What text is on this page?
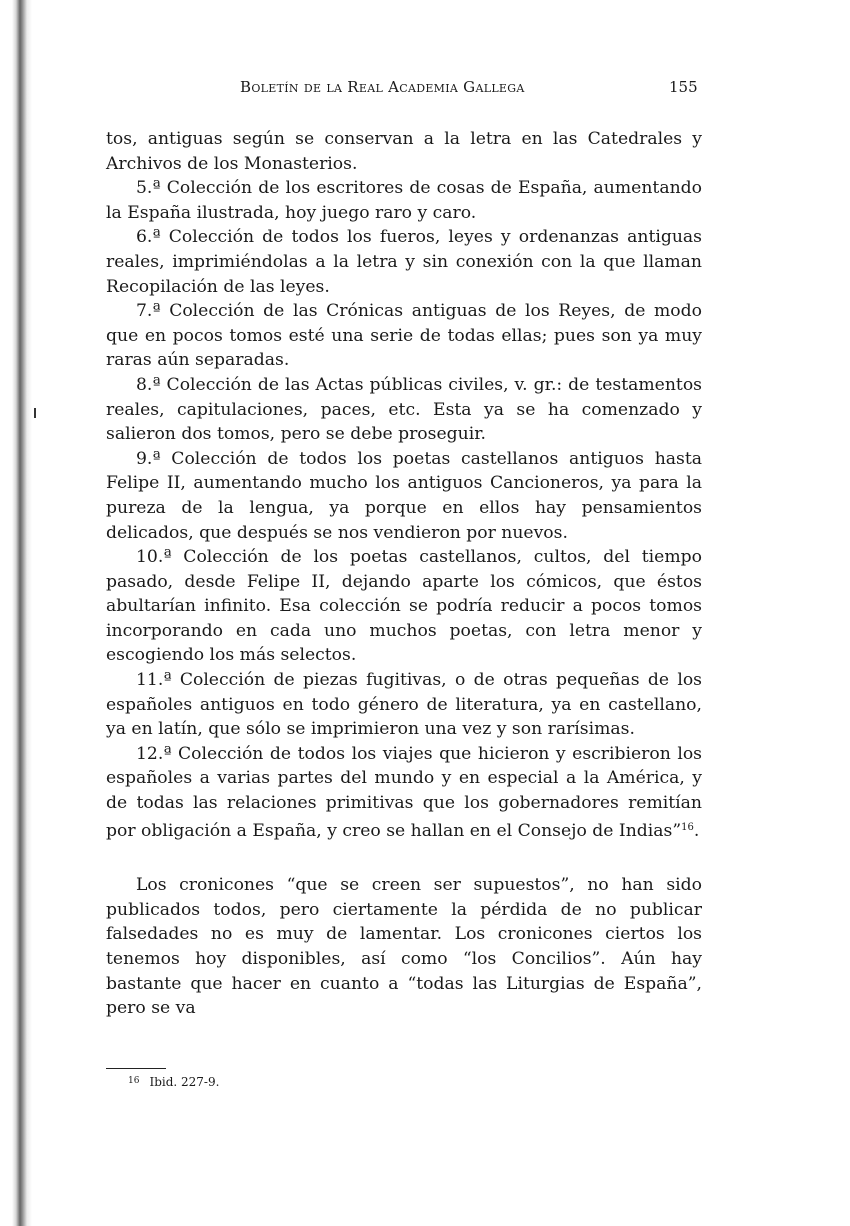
Boletín de la Real Academia Gallega	155

tos, antiguas según se conservan a la letra en las Catedrales y Archivos de los Monasterios.

5.ª Colección de los escritores de cosas de España, aumentando la España ilustrada, hoy juego raro y caro.

6.ª Colección de todos los fueros, leyes y ordenanzas antiguas reales, imprimiéndolas a la letra y sin conexión con la que llaman Recopilación de las leyes.

7.ª Colección de las Crónicas antiguas de los Reyes, de modo que en pocos tomos esté una serie de todas ellas; pues son ya muy raras aún separadas.

8.ª Colección de las Actas públicas civiles, v. gr.: de testamentos reales, capitulaciones, paces, etc. Esta ya se ha comenzado y salieron dos tomos, pero se debe proseguir.

9.ª Colección de todos los poetas castellanos antiguos hasta Felipe II, aumentando mucho los antiguos Cancioneros, ya para la pureza de la lengua, ya porque en ellos hay pensamientos delicados, que después se nos vendieron por nuevos.

10.ª Colección de los poetas castellanos, cultos, del tiempo pasado, desde Felipe II, dejando aparte los cómicos, que éstos abultarían infinito. Esa colección se podría reducir a pocos tomos incorporando en cada uno muchos poetas, con letra menor y escogiendo los más selectos.

11.ª Colección de piezas fugitivas, o de otras pequeñas de los españoles antiguos en todo género de literatura, ya en castellano, ya en latín, que sólo se imprimieron una vez y son rarísimas.

12.ª Colección de todos los viajes que hicieron y escribieron los españoles a varias partes del mundo y en especial a la América, y de todas las relaciones primitivas que los gobernadores remitían por obligación a España, y creo se hallan en el Consejo de Indias”$^{16}$.

Los cronicones “que se creen ser supuestos”, no han sido publicados todos, pero ciertamente la pérdida de no publicar falsedades no es muy de lamentar. Los cronicones ciertos los tenemos hoy disponibles, así como “los Concilios”. Aún hay bastante que hacer en cuanto a “todas las Liturgias de España”, pero se va

$^{16}$ Ibid. 227-9.
